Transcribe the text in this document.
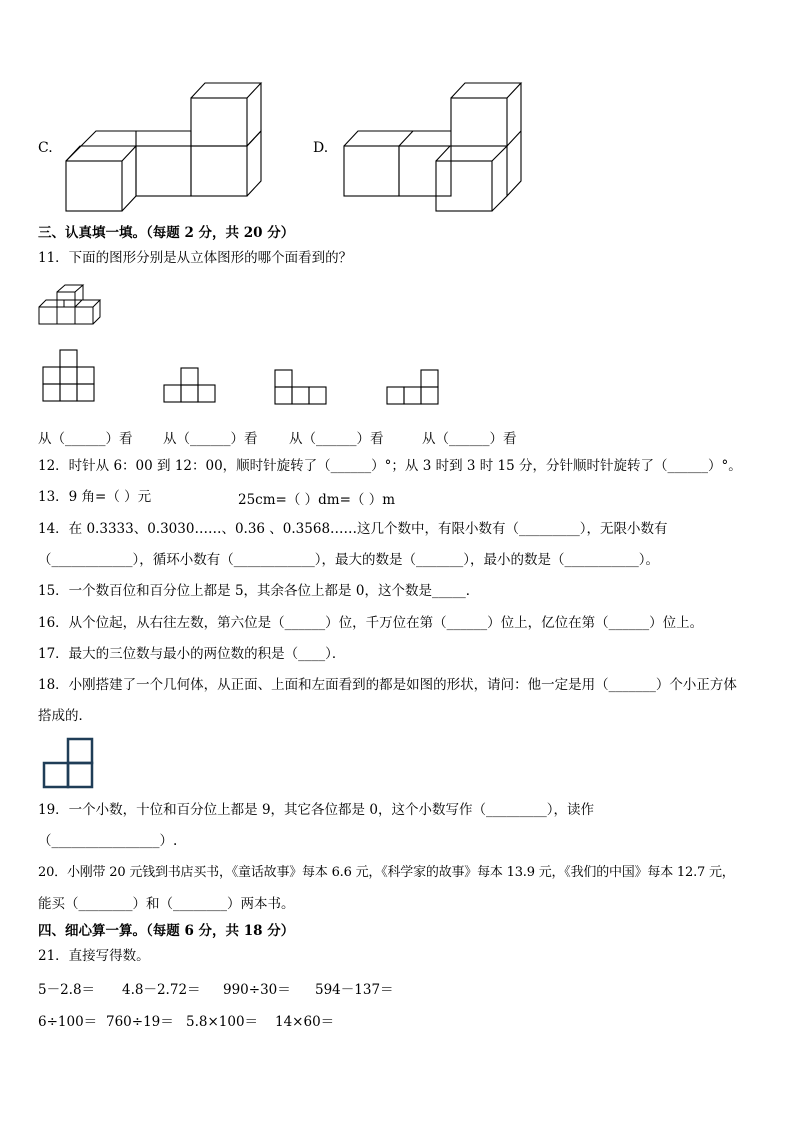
C.	D.
三、认真填一填。（每题 2 分，共 20 分）
11．下面的图形分别是从立体图形的哪个面看到的？
从（______）看 从（______）看 从（______）看	从（______）看
12．时针从 6：00 到 12：00，顺时针旋转了（______）°；从 3 时到 3 时 15 分，分针顺时针旋转了（______）°。
13．9 角=（ ）元	25cm=（ ）dm=（ ）m
14．在 0.3333、0.3030……、0.36 、0.3568……这几个数中，有限小数有（_________），无限小数有
（____________），循环小数有（____________），最大的数是（_______），最小的数是（___________）。
15．一个数百位和百分位上都是 5，其余各位上都是 0，这个数是_____．
16．从个位起，从右往左数，第六位是（______）位，千万位在第（______）位上，亿位在第（______）位上。
17．最大的三位数与最小的两位数的积是（____）．
18．小刚搭建了一个几何体，从正面、上面和左面看到的都是如图的形状，请问：他一定是用（_______）个小正方体
搭成的．
19．一个小数，十位和百分位上都是 9，其它各位都是 0，这个小数写作（_________），读作
（________________）.
20．小刚带 20 元钱到书店买书，《童话故事》每本 6.6 元，《科学家的故事》每本 13.9 元，《我们的中国》每本 12.7 元，
能买（________）和（________）两本书。
四、细心算一算。（每题 6 分，共 18 分）
21．直接写得数。
5－2.8＝ 4.8－2.72＝ 990÷30＝ 594－137＝
6÷100＝ 760÷19＝ 5.8×100＝ 14×60＝
